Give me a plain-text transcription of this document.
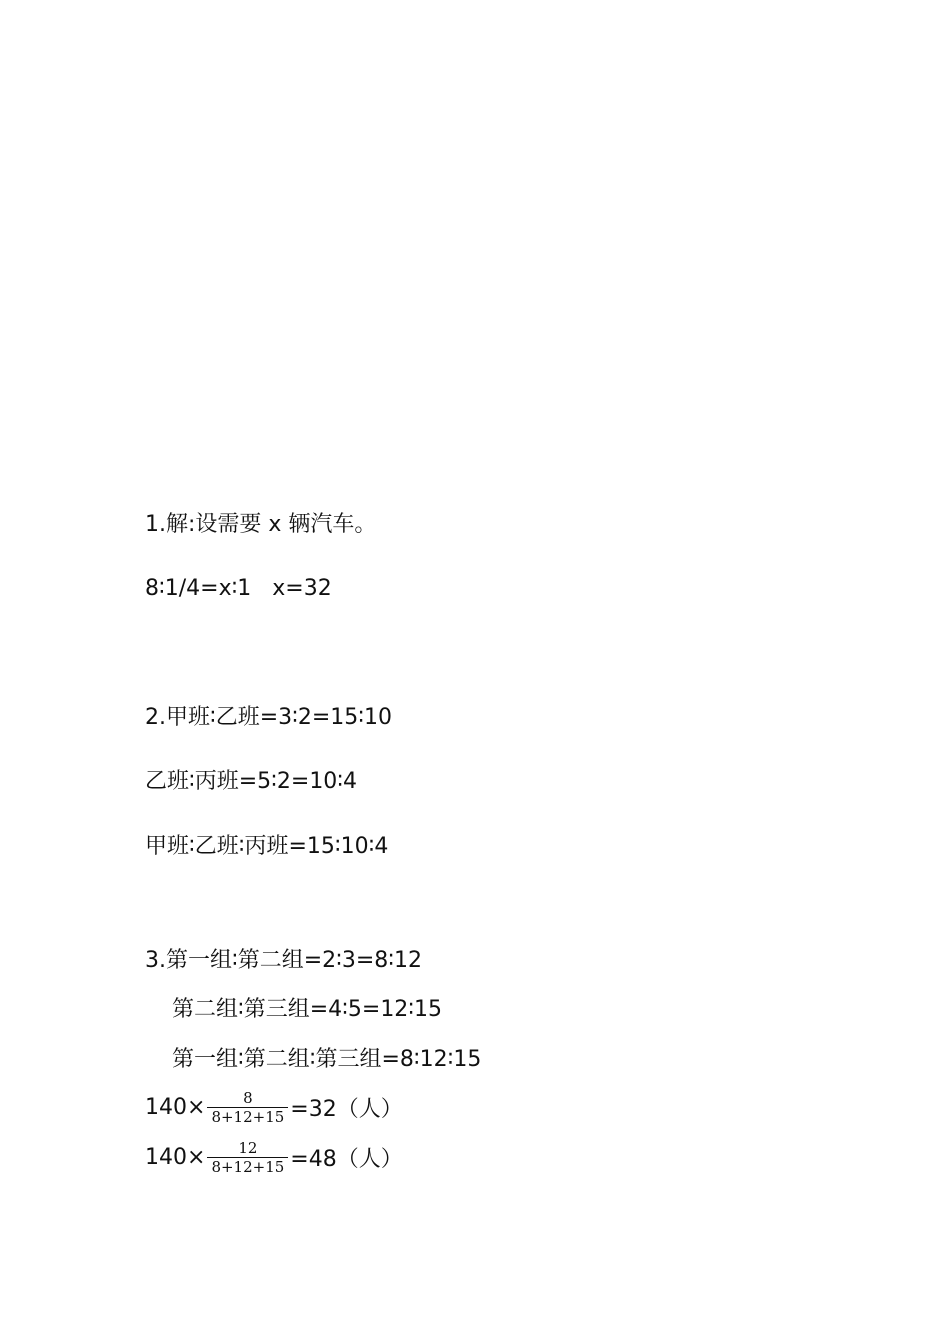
1.解:设需要 x 辆汽车。
8∶1/4=x∶1   x=32
2.甲班∶乙班=3∶2=15∶10
乙班∶丙班=5∶2=10∶4
甲班∶乙班∶丙班=15∶10∶4
3.第一组∶第二组=2∶3=8∶12
第二组∶第三组=4∶5=12∶15
第一组∶第二组∶第三组=8∶12∶15
$140\times \frac{8}{8+12+15} =32$（人）
$140\times \frac{12}{8+12+15} =48$（人）
